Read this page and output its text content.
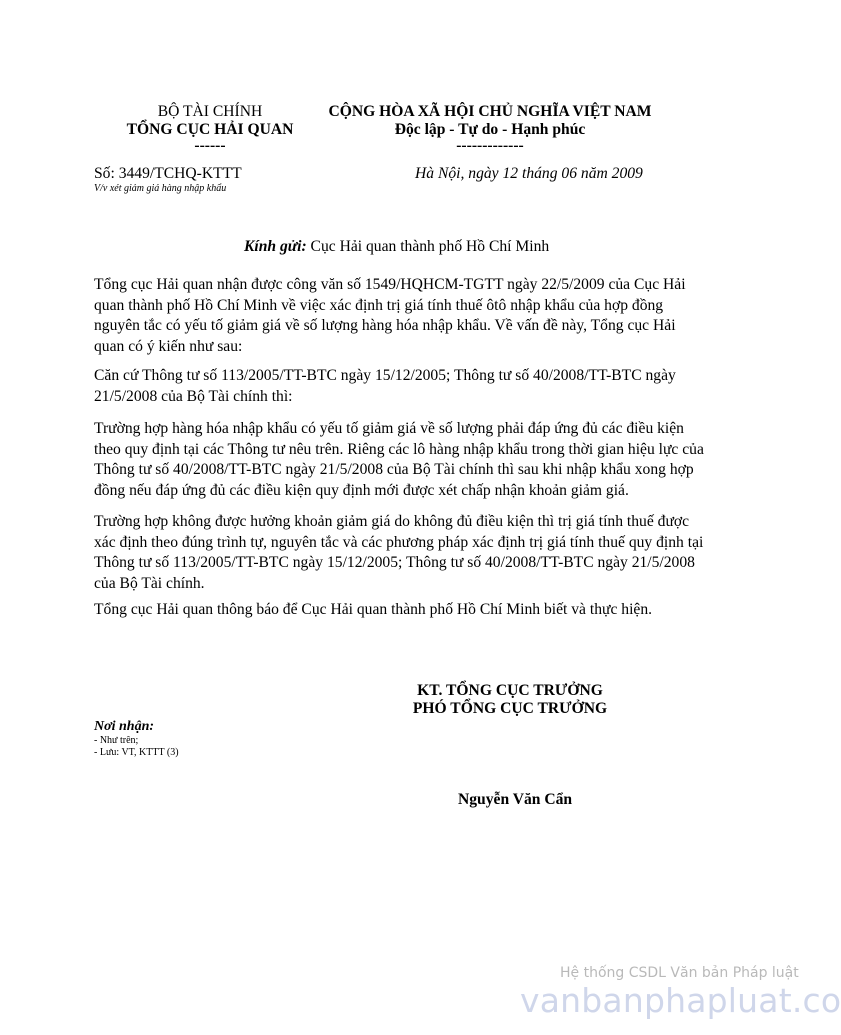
BỘ TÀI CHÍNH
TỔNG CỤC HẢI QUAN
------
Số: 3449/TCHQ-KTTT
V/v xét giảm giá hàng nhập khẩu
CỘNG HÒA XÃ HỘI CHỦ NGHĨA VIỆT NAM
Độc lập - Tự do - Hạnh phúc
-------------
Hà Nội, ngày 12 tháng 06 năm 2009
Kính gửi: Cục Hải quan thành phố Hồ Chí Minh
Tổng cục Hải quan nhận được công văn số 1549/HQHCM-TGTT ngày 22/5/2009 của Cục Hải quan thành phố Hồ Chí Minh về việc xác định trị giá tính thuế ôtô nhập khẩu của hợp đồng nguyên tắc có yếu tố giảm giá về số lượng hàng hóa nhập khẩu. Về vấn đề này, Tổng cục Hải quan có ý kiến như sau:
Căn cứ Thông tư số 113/2005/TT-BTC ngày 15/12/2005; Thông tư số 40/2008/TT-BTC ngày 21/5/2008 của Bộ Tài chính thì:
Trường hợp hàng hóa nhập khẩu có yếu tố giảm giá về số lượng phải đáp ứng đủ các điều kiện theo quy định tại các Thông tư nêu trên. Riêng các lô hàng nhập khẩu trong thời gian hiệu lực của Thông tư số 40/2008/TT-BTC ngày 21/5/2008 của Bộ Tài chính thì sau khi nhập khẩu xong hợp đồng nếu đáp ứng đủ các điều kiện quy định mới được xét chấp nhận khoản giảm giá.
Trường hợp không được hưởng khoản giảm giá do không đủ điều kiện thì trị giá tính thuế được xác định theo đúng trình tự, nguyên tắc và các phương pháp xác định trị giá tính thuế quy định tại Thông tư số 113/2005/TT-BTC ngày 15/12/2005; Thông tư số 40/2008/TT-BTC ngày 21/5/2008 của Bộ Tài chính.
Tổng cục Hải quan thông báo để Cục Hải quan thành phố Hồ Chí Minh biết và thực hiện.
KT. TỔNG CỤC TRƯỞNG
PHÓ TỔNG CỤC TRƯỞNG
Nguyễn Văn Cẩn
Nơi nhận:
- Như trên;
- Lưu: VT, KTTT (3)
Hệ thống CSDL Văn bản Pháp luật
vanbanphapluat.co
